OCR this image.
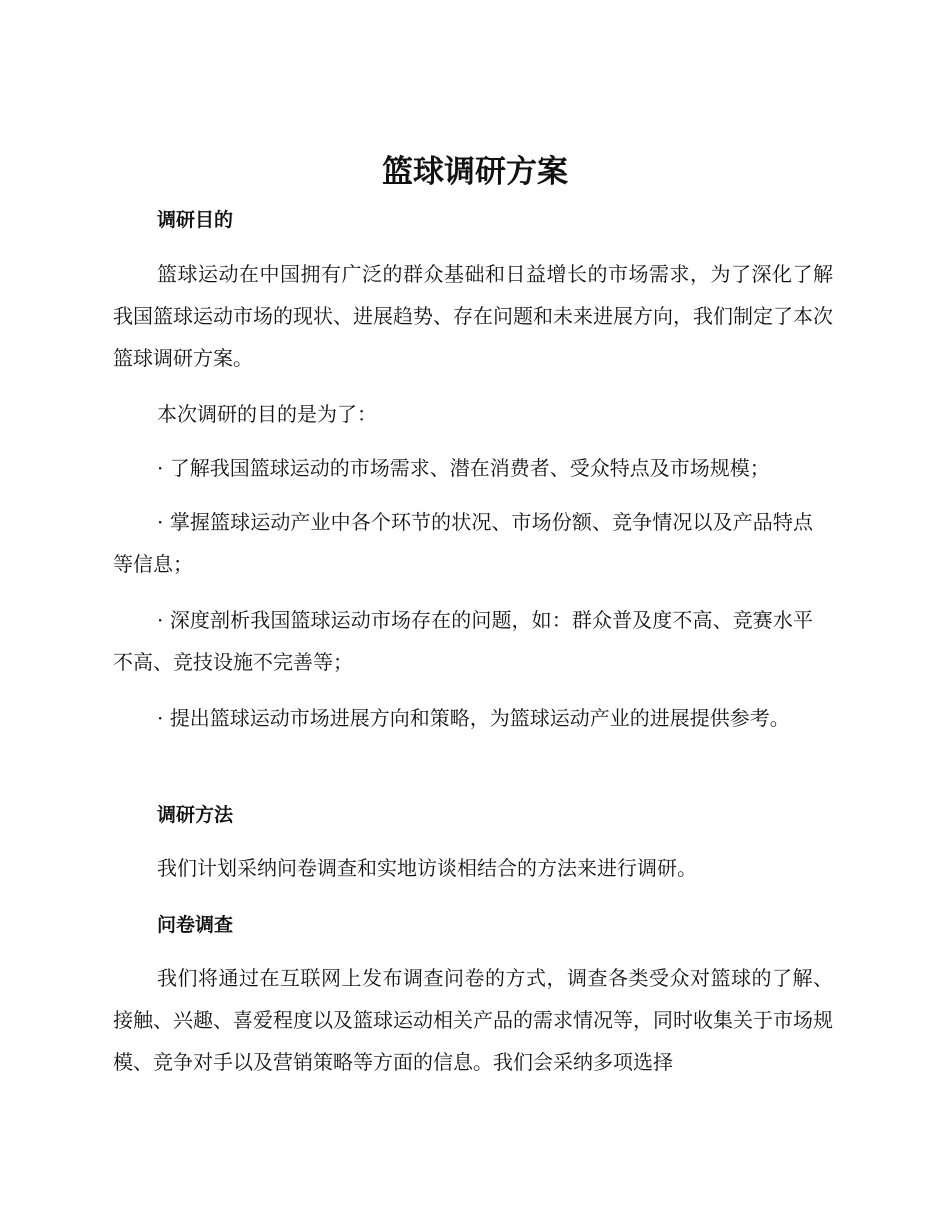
篮球调研方案
调研目的

篮球运动在中国拥有广泛的群众基础和日益增长的市场需求，为了深化了解我国篮球运动市场的现状、进展趋势、存在问题和未来进展方向，我们制定了本次篮球调研方案。

本次调研的目的是为了：

· 了解我国篮球运动的市场需求、潜在消费者、受众特点及市场规模；

· 掌握篮球运动产业中各个环节的状况、市场份额、竞争情况以及产品特点等信息；

· 深度剖析我国篮球运动市场存在的问题，如：群众普及度不高、竞赛水平不高、竞技设施不完善等；

· 提出篮球运动市场进展方向和策略，为篮球运动产业的进展提供参考。

调研方法

我们计划采纳问卷调查和实地访谈相结合的方法来进行调研。

问卷调查

我们将通过在互联网上发布调查问卷的方式，调查各类受众对篮球的了解、接触、兴趣、喜爱程度以及篮球运动相关产品的需求情况等，同时收集关于市场规模、竞争对手以及营销策略等方面的信息。我们会采纳多项选择
